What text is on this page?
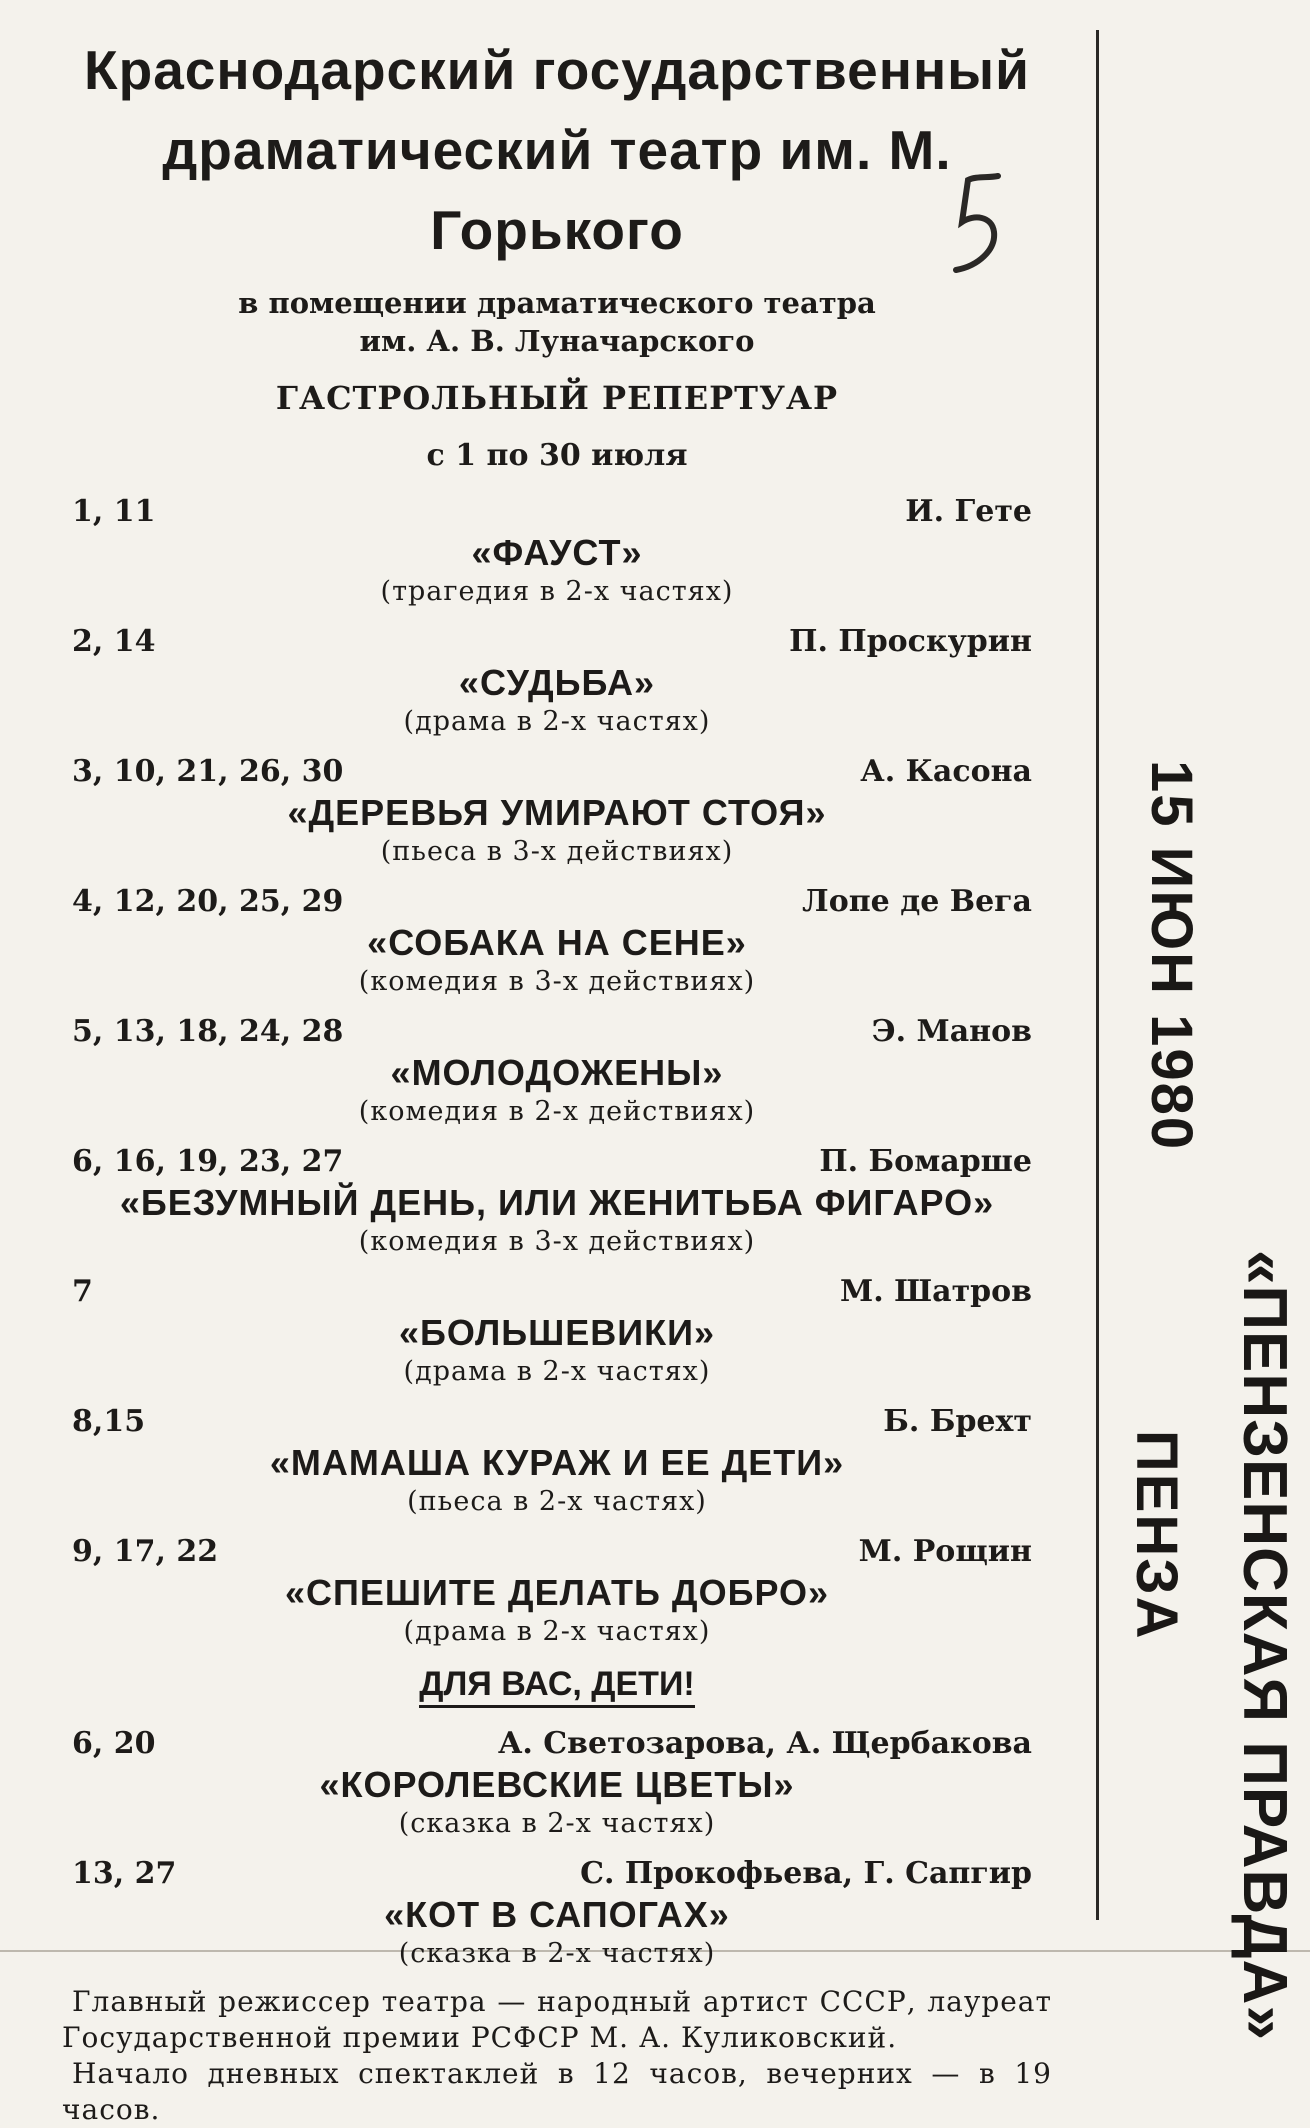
Краснодарский государственный
драматический театр им. М. Горького

в помещении драматического театра

им. А. В. Луначарского

ГАСТРОЛЬНЫЙ РЕПЕРТУАР
с 1 по 30 июля
1, 11	И. Гете
«ФАУСТ»
(трагедия в 2-х частях)
2, 14	П. Проскурин
«СУДЬБА»
(драма в 2-х частях)
3, 10, 21, 26, 30	А. Касона
«ДЕРЕВЬЯ УМИРАЮТ СТОЯ»
(пьеса в 3-х действиях)
4, 12, 20, 25, 29	Лопе де Вега
«СОБАКА НА СЕНЕ»
(комедия в 3-х действиях)
5, 13, 18, 24, 28	Э. Манов
«МОЛОДОЖЕНЫ»
(комедия в 2-х действиях)
6, 16, 19, 23, 27	П. Бомарше
«БЕЗУМНЫЙ ДЕНЬ, ИЛИ ЖЕНИТЬБА ФИГАРО»
(комедия в 3-х действиях)
7	М. Шатров
«БОЛЬШЕВИКИ»
(драма в 2-х частях)
8,15	Б. Брехт
«МАМАША КУРАЖ И ЕЕ ДЕТИ»
(пьеса в 2-х частях)
9, 17, 22	М. Рощин
«СПЕШИТЕ ДЕЛАТЬ ДОБРО»
(драма в 2-х частях)
ДЛЯ ВАС, ДЕТИ!
6, 20	А. Светозарова, А. Щербакова
«КОРОЛЕВСКИЕ ЦВЕТЫ»
(сказка в 2-х частях)
13, 27	С. Прокофьева, Г. Сапгир
«КОТ В САПОГАХ»
(сказка в 2-х частях)

Главный режиссер театра — народный артист СССР, лауреат Государственной премии РСФСР М. А. Куликовский.

Начало дневных спектаклей в 12 часов, вечерних — в 19 часов.

15 ИЮН 1980
«ПЕНЗЕНСКАЯ ПРАВДА»
ПЕНЗА
